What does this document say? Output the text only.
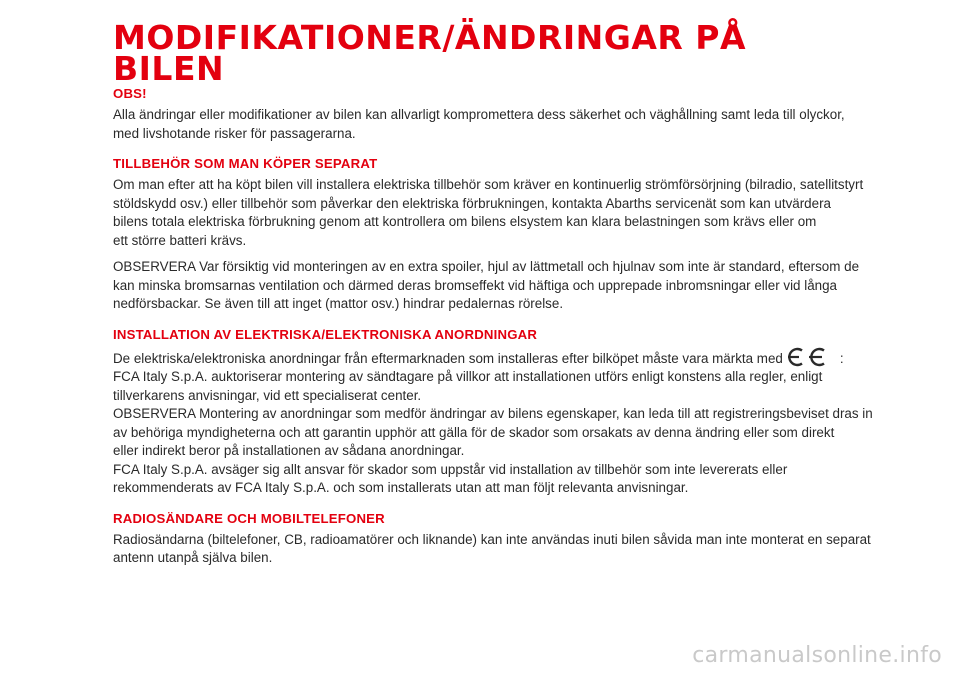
MODIFIKATIONER/ÄNDRINGAR PÅ
BILEN
OBS!

Alla ändringar eller modifikationer av bilen kan allvarligt kompromettera dess säkerhet och väghållning samt leda till olyckor,
med livshotande risker för passagerarna.

TILLBEHÖR SOM MAN KÖPER SEPARAT

Om man efter att ha köpt bilen vill installera elektriska tillbehör som kräver en kontinuerlig strömförsörjning (bilradio, satellitstyrt
stöldskydd osv.) eller tillbehör som påverkar den elektriska förbrukningen, kontakta Abarths servicenät som kan utvärdera
bilens totala elektriska förbrukning genom att kontrollera om bilens elsystem kan klara belastningen som krävs eller om
ett större batteri krävs.

OBSERVERA Var försiktig vid monteringen av en extra spoiler, hjul av lättmetall och hjulnav som inte är standard, eftersom de
kan minska bromsarnas ventilation och därmed deras bromseffekt vid häftiga och upprepade inbromsningar eller vid långa
nedförsbackar. Se även till att inget (mattor osv.) hindrar pedalernas rörelse.

INSTALLATION AV ELEKTRISKA/ELEKTRONISKA ANORDNINGAR

De elektriska/elektroniska anordningar från eftermarknaden som installeras efter bilköpet måste vara märkta med	:
FCA Italy S.p.A. auktoriserar montering av sändtagare på villkor att installationen utförs enligt konstens alla regler, enligt
tillverkarens anvisningar, vid ett specialiserat center.
OBSERVERA Montering av anordningar som medför ändringar av bilens egenskaper, kan leda till att registreringsbeviset dras in
av behöriga myndigheterna och att garantin upphör att gälla för de skador som orsakats av denna ändring eller som direkt
eller indirekt beror på installationen av sådana anordningar.
FCA Italy S.p.A. avsäger sig allt ansvar för skador som uppstår vid installation av tillbehör som inte levererats eller
rekommenderats av FCA Italy S.p.A. och som installerats utan att man följt relevanta anvisningar.

RADIOSÄNDARE OCH MOBILTELEFONER

Radiosändarna (biltelefoner, CB, radioamatörer och liknande) kan inte användas inuti bilen såvida man inte monterat en separat
antenn utanpå själva bilen.

carmanualsonline.info
